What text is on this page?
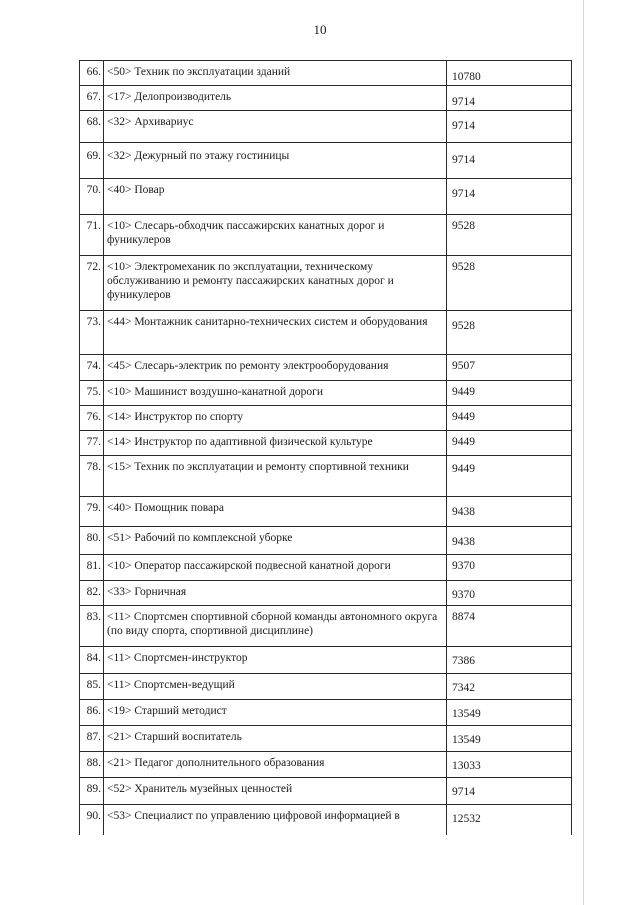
10
66.	<50> Техник по эксплуатации зданий	10780

67.	<17> Делопроизводитель	9714

68.	<32> Архивариус	9714

69.	<32> Дежурный по этажу гостиницы	9714

70.	<40> Повар	9714

71.	<10> Слесарь-обходчик пассажирских канатных дорог и фуникулеров	9528

72.	<10> Электромеханик по эксплуатации, техническому обслуживанию и ремонту пассажирских канатных дорог и фуникулеров	9528

73.	<44> Монтажник санитарно-технических систем и оборудования	9528

74.	<45> Слесарь-электрик по ремонту электрооборудования	9507

75.	<10> Машинист воздушно-канатной дороги	9449

76.	<14> Инструктор по спорту	9449

77.	<14> Инструктор по адаптивной физической культуре	9449

78.	<15> Техник по эксплуатации и ремонту спортивной техники	9449

79.	<40> Помощник повара	9438

80.	<51> Рабочий по комплексной уборке	9438

81.	<10> Оператор пассажирской подвесной канатной дороги	9370

82.	<33> Горничная	9370

83.	<11> Спортсмен спортивной сборной команды автономного округа (по виду спорта, спортивной дисциплине)	8874

84.	<11> Спортсмен-инструктор	7386

85.	<11> Спортсмен-ведущий	7342

86.	<19> Старший методист	13549

87.	<21> Старший воспитатель	13549

88.	<21> Педагог дополнительного образования	13033

89.	<52> Хранитель музейных ценностей	9714

90.	<53> Специалист по управлению цифровой информацией в	12532
